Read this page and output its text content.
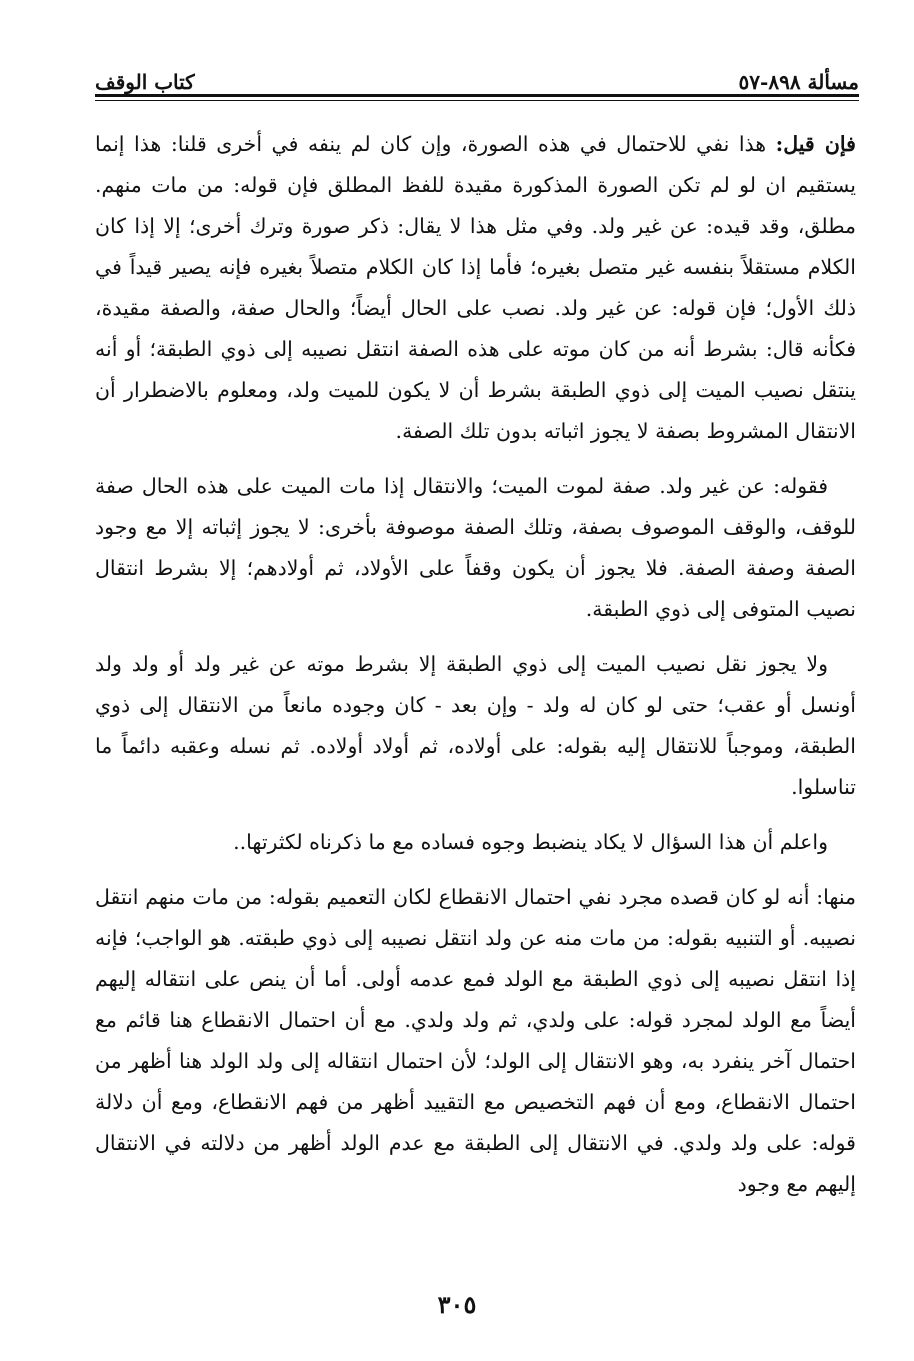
مسألة ٨٩٨-٥٧
كتاب الوقف

فإن قيل: هذا نفي للاحتمال في هذه الصورة، وإن كان لم ينفه في أخرى قلنا: هذا إنما يستقيم ان لو لم تكن الصورة المذكورة مقيدة للفظ المطلق فإن قوله: من مات منهم. مطلق، وقد قيده: عن غير ولد. وفي مثل هذا لا يقال: ذكر صورة وترك أخرى؛ إلا إذا كان الكلام مستقلاً بنفسه غير متصل بغيره؛ فأما إذا كان الكلام متصلاً بغيره فإنه يصير قيداً في ذلك الأول؛ فإن قوله: عن غير ولد. نصب على الحال أيضاً؛ والحال صفة، والصفة مقيدة، فكأنه قال: بشرط أنه من كان موته على هذه الصفة انتقل نصيبه إلى ذوي الطبقة؛ أو أنه ينتقل نصيب الميت إلى ذوي الطبقة بشرط أن لا يكون للميت ولد، ومعلوم بالاضطرار أن الانتقال المشروط بصفة لا يجوز اثباته بدون تلك الصفة.

فقوله: عن غير ولد. صفة لموت الميت؛ والانتقال إذا مات الميت على هذه الحال صفة للوقف، والوقف الموصوف بصفة، وتلك الصفة موصوفة بأخرى: لا يجوز إثباته إلا مع وجود الصفة وصفة الصفة. فلا يجوز أن يكون وقفاً على الأولاد، ثم أولادهم؛ إلا بشرط انتقال نصيب المتوفى إلى ذوي الطبقة.

ولا يجوز نقل نصيب الميت إلى ذوي الطبقة إلا بشرط موته عن غير ولد أو ولد ولد أونسل أو عقب؛ حتى لو كان له ولد - وإن بعد - كان وجوده مانعاً من الانتقال إلى ذوي الطبقة، وموجباً للانتقال إليه بقوله: على أولاده، ثم أولاد أولاده. ثم نسله وعقبه دائماً ما تناسلوا.

واعلم أن هذا السؤال لا يكاد ينضبط وجوه فساده مع ما ذكرناه لكثرتها..

منها: أنه لو كان قصده مجرد نفي احتمال الانقطاع لكان التعميم بقوله: من مات منهم انتقل نصيبه. أو التنبيه بقوله: من مات منه عن ولد انتقل نصيبه إلى ذوي طبقته. هو الواجب؛ فإنه إذا انتقل نصيبه إلى ذوي الطبقة مع الولد فمع عدمه أولى. أما أن ينص على انتقاله إليهم أيضاً مع الولد لمجرد قوله: على ولدي، ثم ولد ولدي. مع أن احتمال الانقطاع هنا قائم مع احتمال آخر ينفرد به، وهو الانتقال إلى الولد؛ لأن احتمال انتقاله إلى ولد الولد هنا أظهر من احتمال الانقطاع، ومع أن فهم التخصيص مع التقييد أظهر من فهم الانقطاع، ومع أن دلالة قوله: على ولد ولدي. في الانتقال إلى الطبقة مع عدم الولد أظهر من دلالته في الانتقال إليهم مع وجود

٣٠٥
